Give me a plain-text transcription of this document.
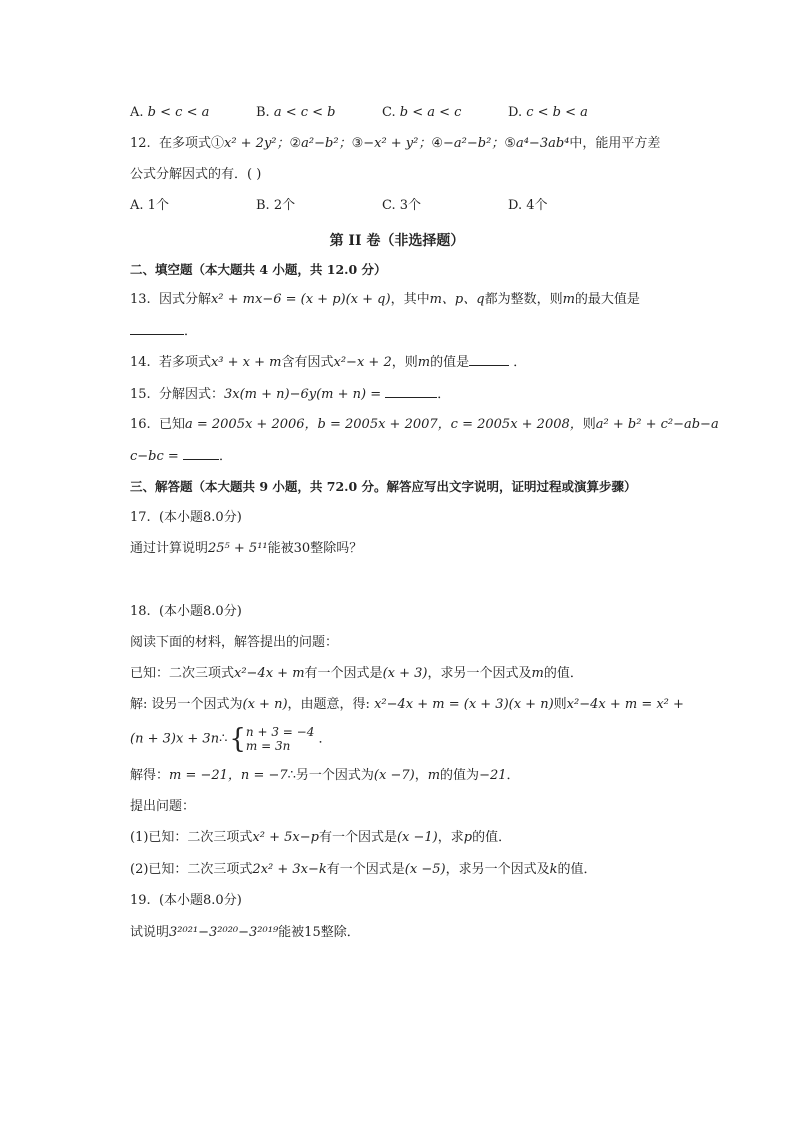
A. b < c < a	B. a < c < b	C. b < a < c	D. c < b < a
12. 在多项式①x² + 2y²；②a²−b²；③−x² + y²；④−a²−b²；⑤a⁴−3ab⁴中，能用平方差
公式分解因式的有．( )
A. 1个	B. 2个	C. 3个	D. 4个
第 II 卷（非选择题）
二、填空题（本大题共 4 小题，共 12.0 分）
13. 因式分解x² + mx−6 = (x + p)(x + q)，其中m、p、q都为整数，则m的最大值是
．
14. 若多项式x³ + x + m含有因式x²−x + 2，则m的值是	．
15. 分解因式：3x(m + n)−6y(m + n) =	．
16. 已知a = 2005x + 2006，b = 2005x + 2007，c = 2005x + 2008，则a² + b² + c²−ab−a
c−bc =	．
三、解答题（本大题共 9 小题，共 72.0 分。解答应写出文字说明，证明过程或演算步骤）
17. (本小题8.0分)
通过计算说明25⁵ + 5¹¹能被30整除吗？
18. (本小题8.0分)
阅读下面的材料，解答提出的问题：
已知：二次三项式x²−4x + m有一个因式是(x + 3)，求另一个因式及m的值．
解: 设另一个因式为(x + n)，由题意，得: x²−4x + m = (x + 3)(x + n)则x²−4x + m = x² +
(n + 3)x + 3n∴{ n + 3 = −4
m = 3n	．
解得：m = −21，n = −7∴另一个因式为(x −7)，m的值为−21．
提出问题：
(1)已知：二次三项式x² + 5x−p有一个因式是(x −1)，求p的值．
(2)已知：二次三项式2x² + 3x−k有一个因式是(x −5)，求另一个因式及k的值．
19. (本小题8.0分)
试说明3²⁰²¹−3²⁰²⁰−3²⁰¹⁹能被15整除．
